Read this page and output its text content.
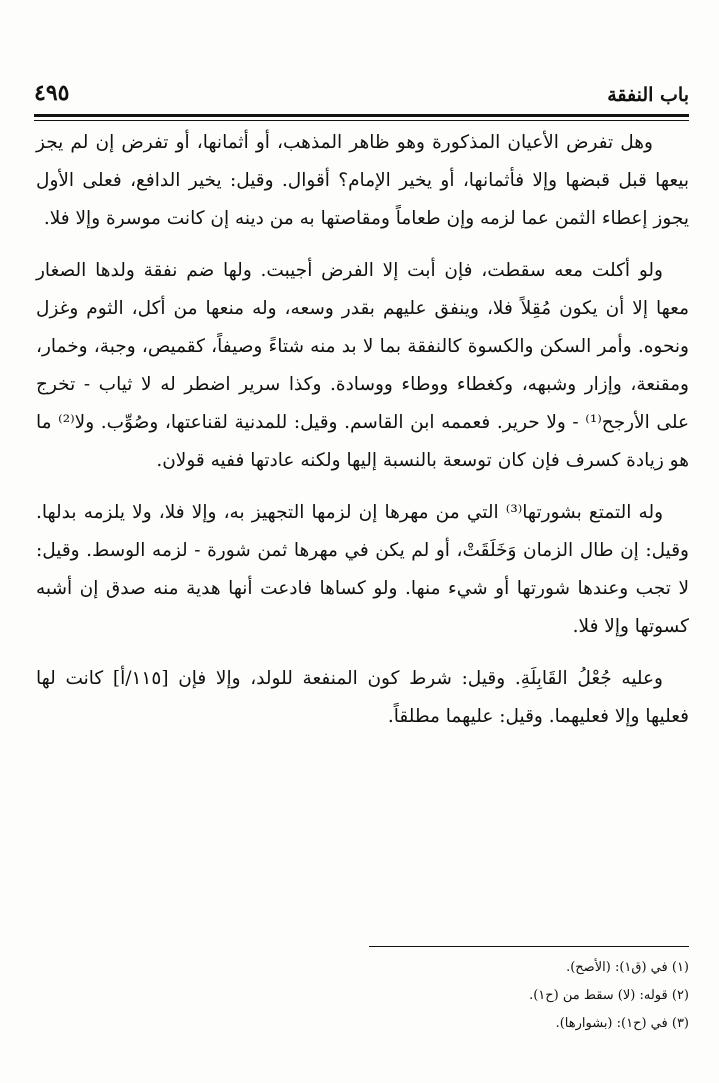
باب النفقة
٤٩٥

وهل تفرض الأعيان المذكورة وهو ظاهر المذهب، أو أثمانها، أو تفرض إن لم يجز بيعها قبل قبضها وإلا فأثمانها، أو يخير الإمام؟ أقوال. وقيل: يخير الدافع، فعلى الأول يجوز إعطاء الثمن عما لزمه وإن طعاماً ومقاصتها به من دينه إن كانت موسرة وإلا فلا.

ولو أكلت معه سقطت، فإن أبت إلا الفرض أجيبت. ولها ضم نفقة ولدها الصغار معها إلا أن يكون مُقِلاً فلا، وينفق عليهم بقدر وسعه، وله منعها من أكل، الثوم وغزل ونحوه. وأمر السكن والكسوة كالنفقة بما لا بد منه شتاءً وصيفاً، كقميص، وجبة، وخمار، ومقنعة، وإزار وشبهه، وكغطاء ووطاء ووسادة. وكذا سرير اضطر له لا ثياب - تخرج على الأرجح⁽¹⁾ - ولا حرير. فعممه ابن القاسم. وقيل: للمدنية لقناعتها، وصُوِّب. ولا⁽²⁾ ما هو زيادة كسرف فإن كان توسعة بالنسبة إليها ولكنه عادتها ففيه قولان.

وله التمتع بشورتها⁽³⁾ التي من مهرها إن لزمها التجهيز به، وإلا فلا، ولا يلزمه بدلها. وقيل: إن طال الزمان وَخَلَقَتْ، أو لم يكن في مهرها ثمن شورة - لزمه الوسط. وقيل: لا تجب وعندها شورتها أو شيء منها. ولو كساها فادعت أنها هدية منه صدق إن أشبه كسوتها وإلا فلا.

وعليه جُعْلُ القَابِلَةِ. وقيل: شرط كون المنفعة للولد، وإلا فإن [١١٥/أ] كانت لها فعليها وإلا فعليهما. وقيل: عليهما مطلقاً.

(١) في (ق١): (الأصح).
(٢) قوله: (لا) سقط من (ح١).
(٣) في (ح١): (بشوارها).
